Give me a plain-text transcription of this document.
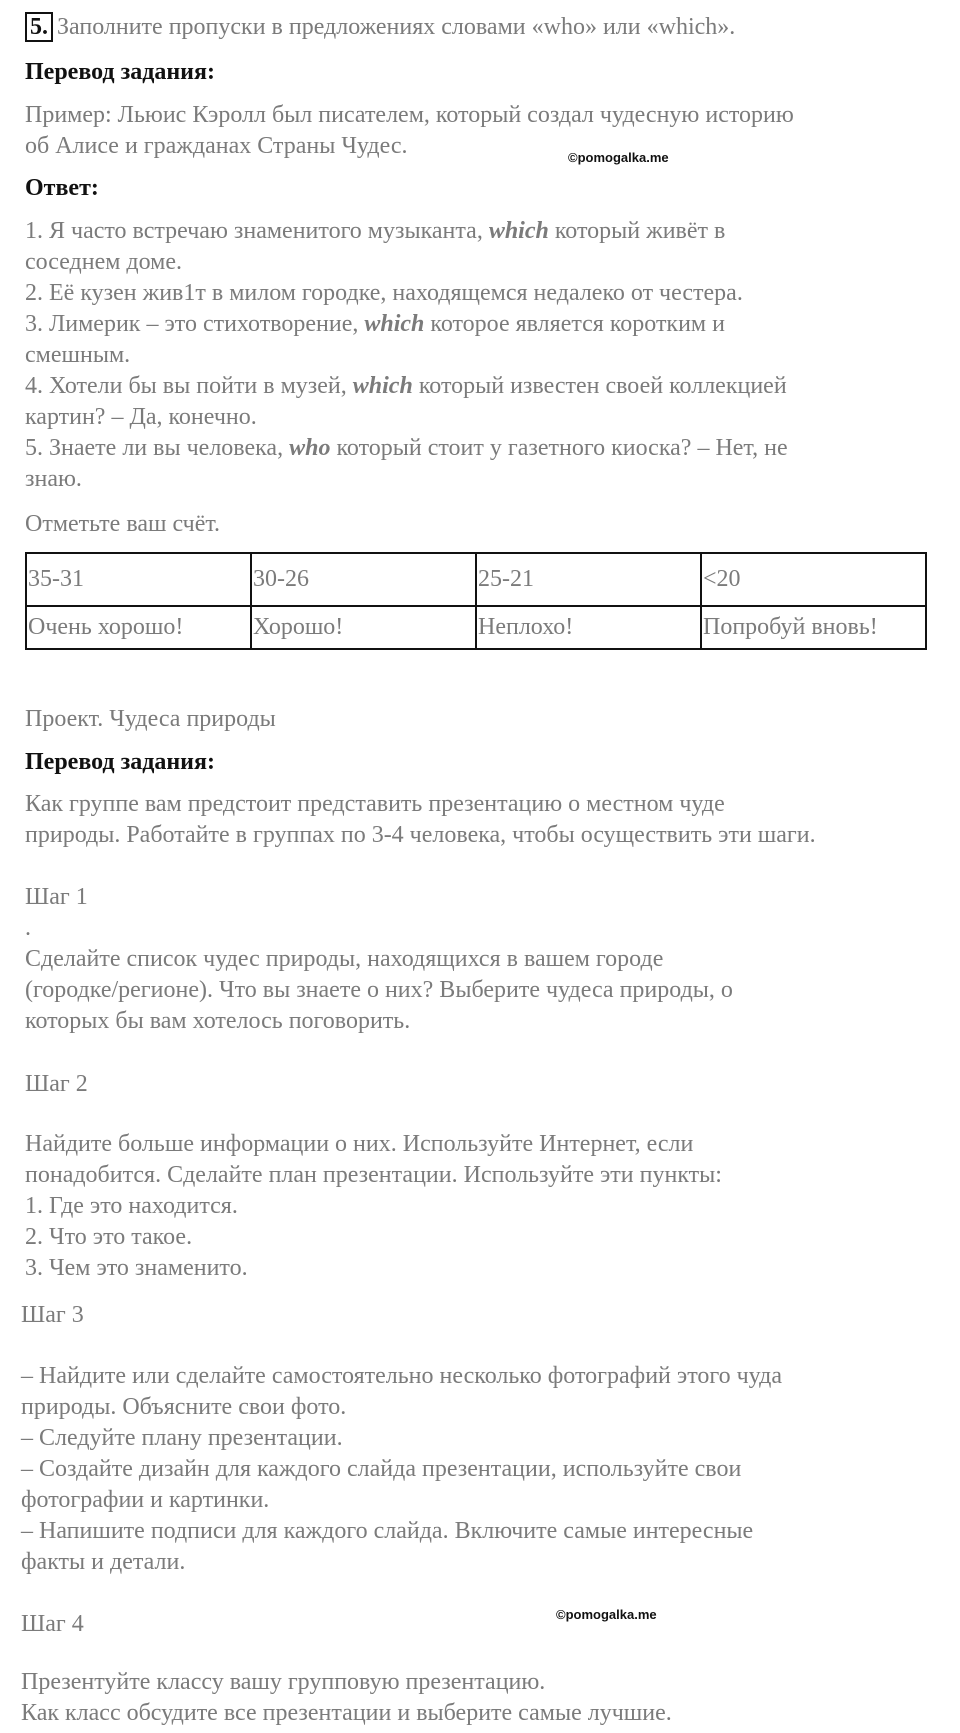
5. Заполните пропуски в предложениях словами «who» или «which».
Перевод задания:
Пример: Льюис Кэролл был писателем, который создал чудесную историю
об Алисе и гражданах Страны Чудес.	©pomogalka.me
Ответ:
1. Я часто встречаю знаменитого музыканта, which который живёт в
соседнем доме.
2. Её кузен жив1т в милом городке, находящемся недалеко от честера.
3. Лимерик – это стихотворение, which которое является коротким и
смешным.
4. Хотели бы вы пойти в музей, which который известен своей коллекцией
картин? – Да, конечно.
5. Знаете ли вы человека, who который стоит у газетного киоска? – Нет, не
знаю.
Отметьте ваш счёт.
35-31	30-26	25-21	<20
Очень хорошо!	Хорошо!	Неплохо!	Попробуй вновь!
Проект. Чудеса природы
Перевод задания:
Как группе вам предстоит представить презентацию о местном чуде
природы. Работайте в группах по 3-4 человека, чтобы осуществить эти шаги.
Шаг 1
.
Сделайте список чудес природы, находящихся в вашем городе
(городке/регионе). Что вы знаете о них? Выберите чудеса природы, о
которых бы вам хотелось поговорить.
Шаг 2
Найдите больше информации о них. Используйте Интернет, если
понадобится. Сделайте план презентации. Используйте эти пункты:
1. Где это находится.
2. Что это такое.
3. Чем это знаменито.
Шаг 3
– Найдите или сделайте самостоятельно несколько фотографий этого чуда
природы. Объясните свои фото.
– Следуйте плану презентации.
– Создайте дизайн для каждого слайда презентации, используйте свои
фотографии и картинки.
– Напишите подписи для каждого слайда. Включите самые интересные
факты и детали.
Шаг 4	©pomogalka.me
Презентуйте классу вашу групповую презентацию.
Как класс обсудите все презентации и выберите самые лучшие.
